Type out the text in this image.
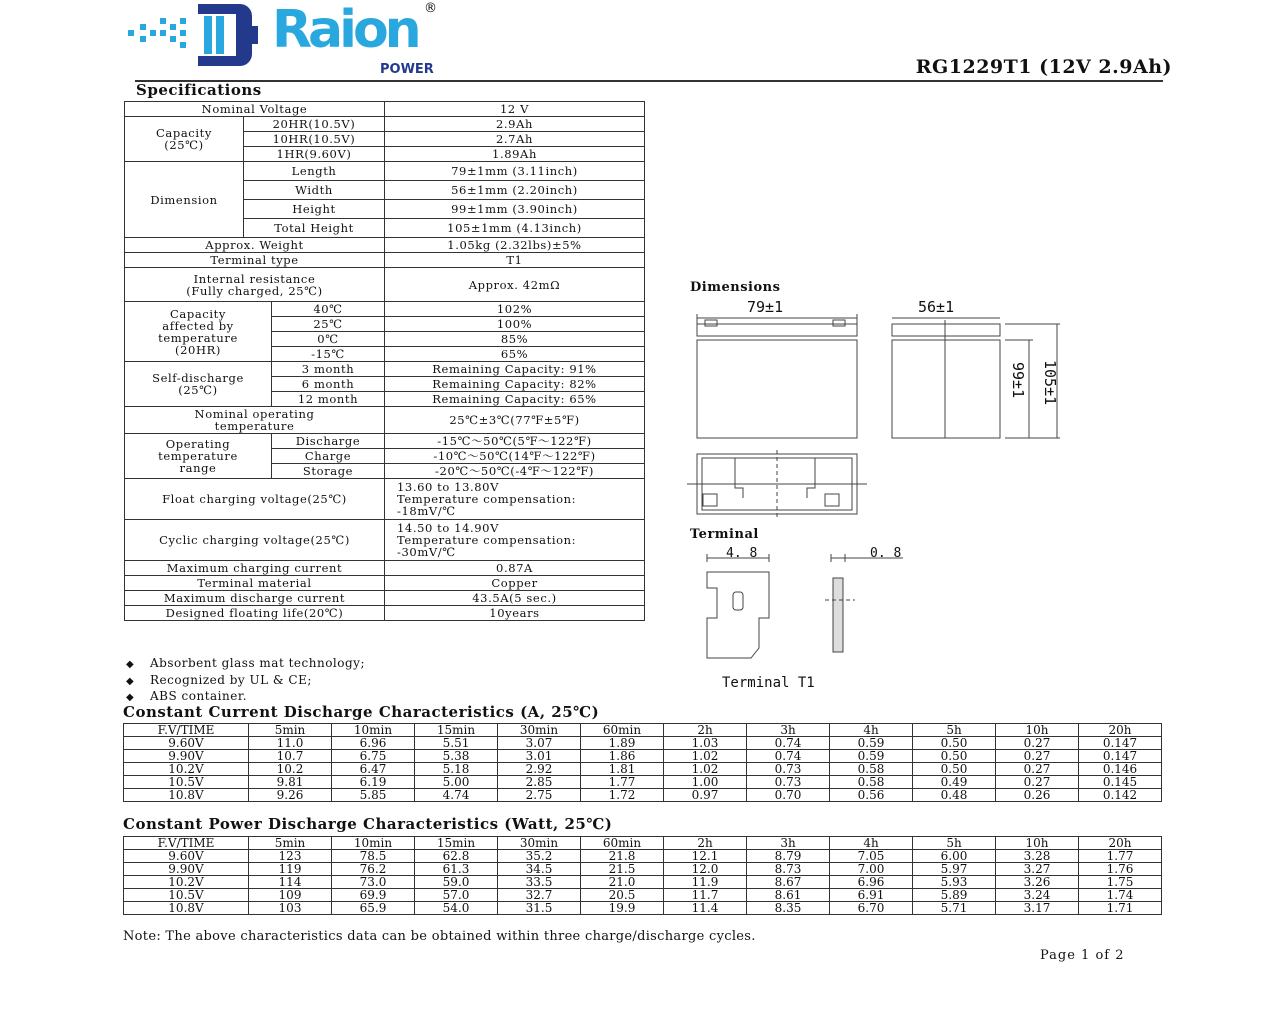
Raion ®
POWER	RG1229T1 (12V 2.9Ah)
Specifications
Nominal Voltage			12 V
Capacity
(25℃)	20HR(10.5V)		2.9Ah
	10HR(10.5V)		2.7Ah
	1HR(9.60V)		1.89Ah
Dimension	Length		79±1mm (3.11inch)
	Width		56±1mm (2.20inch)
	Height		99±1mm (3.90inch)
	Total Height		105±1mm (4.13inch)
Approx. Weight			1.05kg (2.32lbs)±5%
Terminal type			T1
Internal resistance
(Fully charged, 25℃)			Approx. 42mΩ
Capacity
affected by
temperature
(20HR)		40℃	102%
		25℃	100%
		0℃	85%
		-15℃	65%
Self-discharge
(25℃)		3 month	Remaining Capacity: 91%
		6 month	Remaining Capacity: 82%
		12 month	Remaining Capacity: 65%
Nominal operating
temperature			25℃±3℃(77℉±5℉)
Operating
temperature
range		Discharge	-15℃～50℃(5℉～122℉)
		Charge	-10℃～50℃(14℉～122℉)
		Storage	-20℃～50℃(-4℉～122℉)
Float charging voltage(25℃)			13.60 to 13.80V
Temperature compensation:
-18mV/℃
Cyclic charging voltage(25℃)			14.50 to 14.90V
Temperature compensation:
-30mV/℃
Maximum charging current			0.87A
Terminal material			Copper
Maximum discharge current			43.5A(5 sec.)
Designed floating life(20℃)			10years
◆ Absorbent glass mat technology;
◆ Recognized by UL & CE;
◆ ABS container.
Dimensions
79±1	56±1
99±1 105±1
Terminal
4. 8	0. 8
Terminal T1
Constant Current Discharge Characteristics (A, 25℃)
F.V/TIME	5min	10min	15min	30min	60min	2h	3h	4h	5h	10h	20h
9.60V	11.0	6.96	5.51	3.07	1.89	1.03	0.74	0.59	0.50	0.27	0.147
9.90V	10.7	6.75	5.38	3.01	1.86	1.02	0.74	0.59	0.50	0.27	0.147
10.2V	10.2	6.47	5.18	2.92	1.81	1.02	0.73	0.58	0.50	0.27	0.146
10.5V	9.81	6.19	5.00	2.85	1.77	1.00	0.73	0.58	0.49	0.27	0.145
10.8V	9.26	5.85	4.74	2.75	1.72	0.97	0.70	0.56	0.48	0.26	0.142
Constant Power Discharge Characteristics (Watt, 25℃)
F.V/TIME	5min	10min	15min	30min	60min	2h	3h	4h	5h	10h	20h
9.60V	123	78.5	62.8	35.2	21.8	12.1	8.79	7.05	6.00	3.28	1.77
9.90V	119	76.2	61.3	34.5	21.5	12.0	8.73	7.00	5.97	3.27	1.76
10.2V	114	73.0	59.0	33.5	21.0	11.9	8.67	6.96	5.93	3.26	1.75
10.5V	109	69.9	57.0	32.7	20.5	11.7	8.61	6.91	5.89	3.24	1.74
10.8V	103	65.9	54.0	31.5	19.9	11.4	8.35	6.70	5.71	3.17	1.71
Note: The above characteristics data can be obtained within three charge/discharge cycles.
Page 1 of 2
